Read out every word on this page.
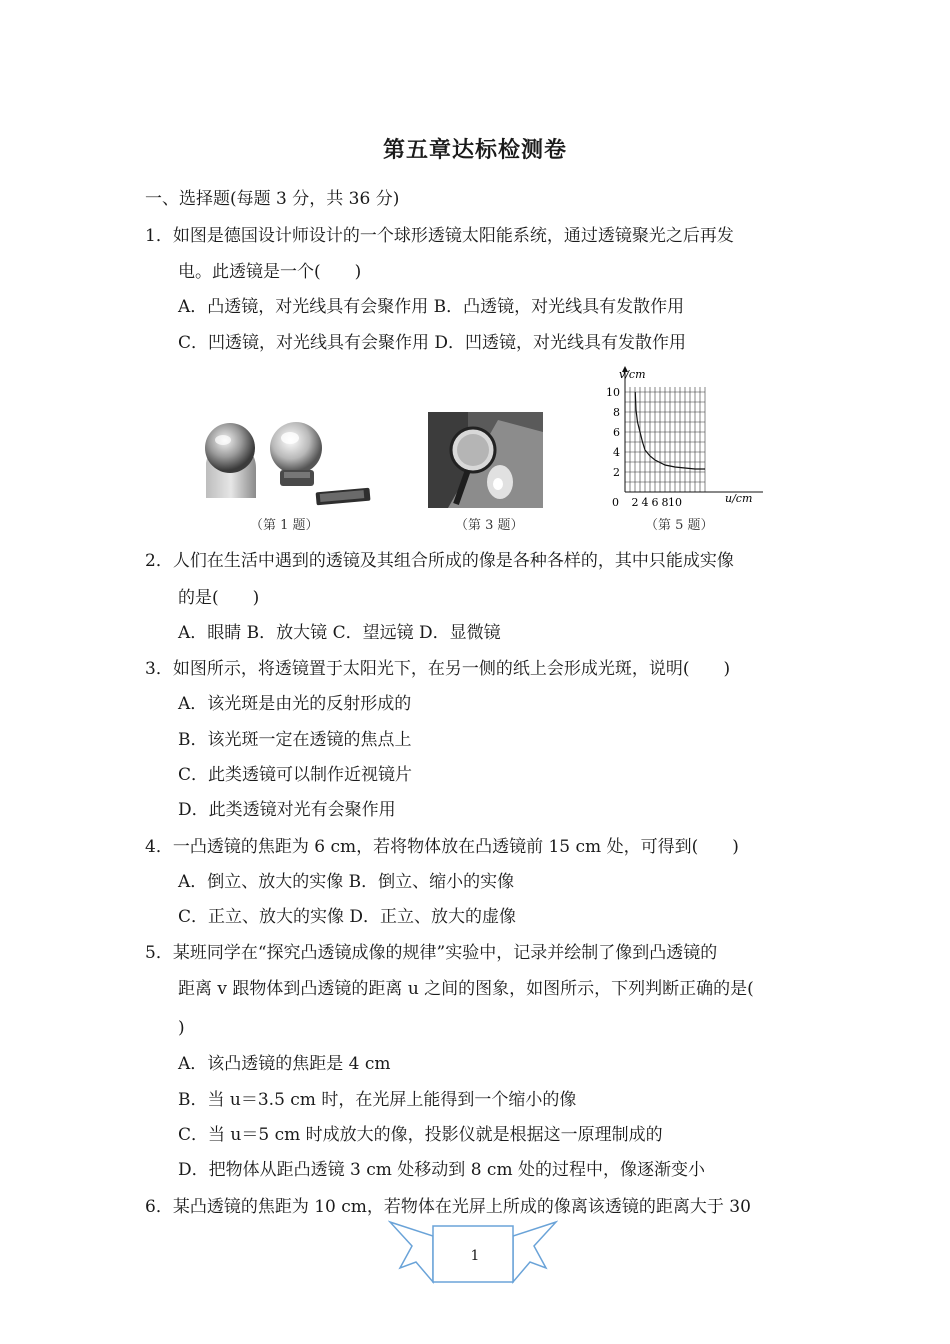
第五章达标检测卷
一、选择题(每题 3 分，共 36 分)
1．如图是德国设计师设计的一个球形透镜太阳能系统，通过透镜聚光之后再发
电。此透镜是一个(　　)
A．凸透镜，对光线具有会聚作用 B．凸透镜，对光线具有发散作用
C．凹透镜，对光线具有会聚作用 D．凹透镜，对光线具有发散作用
（第 1 题）	（第 3 题）
v/cm
u/cm
10
8
6
4
2
0 2 4 6 8 10
（第 5 题）
2．人们在生活中遇到的透镜及其组合所成的像是各种各样的，其中只能成实像
的是(　　)
A．眼睛 B．放大镜 C．望远镜 D．显微镜
3．如图所示，将透镜置于太阳光下，在另一侧的纸上会形成光斑，说明(　　)
A．该光斑是由光的反射形成的
B．该光斑一定在透镜的焦点上
C．此类透镜可以制作近视镜片
D．此类透镜对光有会聚作用
4．一凸透镜的焦距为 6 cm，若将物体放在凸透镜前 15 cm 处，可得到(　　)
A．倒立、放大的实像 B．倒立、缩小的实像
C．正立、放大的实像 D．正立、放大的虚像
5．某班同学在“探究凸透镜成像的规律”实验中，记录并绘制了像到凸透镜的
距离 v 跟物体到凸透镜的距离 u 之间的图象，如图所示，下列判断正确的是(
)
A．该凸透镜的焦距是 4 cm
B．当 u＝3.5 cm 时，在光屏上能得到一个缩小的像
C．当 u＝5 cm 时成放大的像，投影仪就是根据这一原理制成的
D．把物体从距凸透镜 3 cm 处移动到 8 cm 处的过程中，像逐渐变小
6．某凸透镜的焦距为 10 cm，若物体在光屏上所成的像离该透镜的距离大于 30
1
